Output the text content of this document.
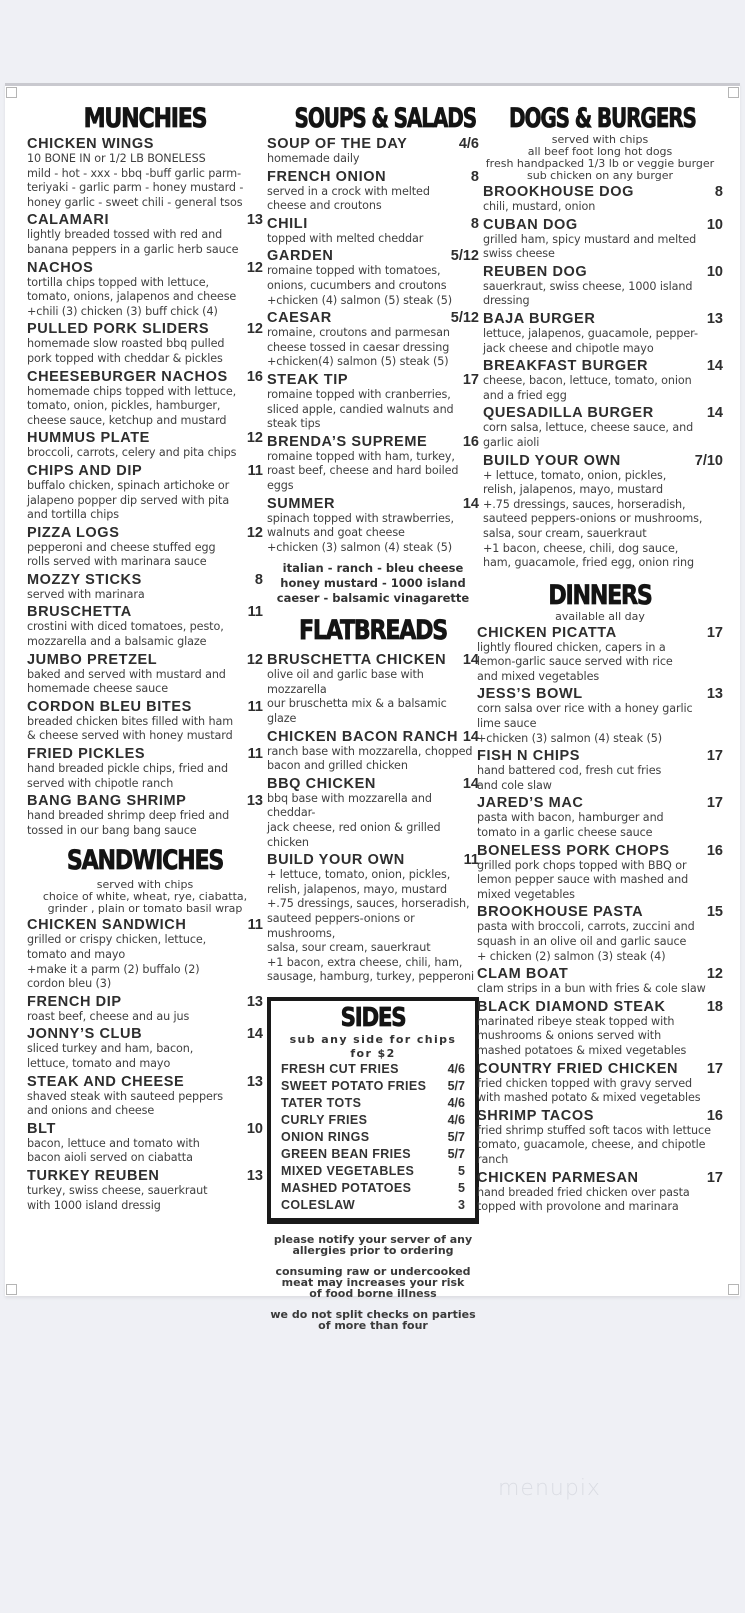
MUNCHIES
CHICKEN WINGS
10 BONE IN or 1/2 LB BONELESS
mild - hot - xxx - bbq -buff garlic parm-
teriyaki - garlic parm - honey mustard -
honey garlic - sweet chili - general tsos
CALAMARI	13
lightly breaded tossed with red and
banana peppers in a garlic herb sauce
NACHOS	12
tortilla chips topped with lettuce,
tomato, onions, jalapenos and cheese
+chili (3) chicken (3) buff chick (4)
PULLED PORK SLIDERS	12
homemade slow roasted bbq pulled
pork topped with cheddar & pickles
CHEESEBURGER NACHOS 16
homemade chips topped with lettuce,
tomato, onion, pickles, hamburger,
cheese sauce, ketchup and mustard
HUMMUS PLATE	12
broccoli, carrots, celery and pita chips
CHIPS AND DIP	11
buffalo chicken, spinach artichoke or
jalapeno popper dip served with pita
and tortilla chips
PIZZA LOGS	12
pepperoni and cheese stuffed egg
rolls served with marinara sauce
MOZZY STICKS	8
served with marinara
BRUSCHETTA	11
crostini with diced tomatoes, pesto,
mozzarella and a balsamic glaze
JUMBO PRETZEL	12
baked and served with mustard and
homemade cheese sauce
CORDON BLEU BITES	11
breaded chicken bites filled with ham
& cheese served with honey mustard
FRIED PICKLES	11
hand breaded pickle chips, fried and
served with chipotle ranch
BANG BANG SHRIMP	13
hand breaded shrimp deep fried and
tossed in our bang bang sauce
SANDWICHES
served with chips
choice of white, wheat, rye, ciabatta,
grinder , plain or tomato basil wrap
CHICKEN SANDWICH	11
grilled or crispy chicken, lettuce,
tomato and mayo
+make it a parm (2) buffalo (2)
cordon bleu (3)
FRENCH DIP	13
roast beef, cheese and au jus
JONNY’S CLUB	14
sliced turkey and ham, bacon,
lettuce, tomato and mayo
STEAK AND CHEESE	13
shaved steak with sauteed peppers
and onions and cheese
BLT	10
bacon, lettuce and tomato with
bacon aioli served on ciabatta
TURKEY REUBEN	13
turkey, swiss cheese, sauerkraut
with 1000 island dressig
SOUPS & SALADS
SOUP OF THE DAY	4/6
homemade daily
FRENCH ONION	8
served in a crock with melted
cheese and croutons
CHILI	8
topped with melted cheddar
GARDEN	5/12
romaine topped with tomatoes,
onions, cucumbers and croutons
+chicken (4) salmon (5) steak (5)
CAESAR	5/12
romaine, croutons and parmesan
cheese tossed in caesar dressing
+chicken(4) salmon (5) steak (5)
STEAK TIP	17
romaine topped with cranberries,
sliced apple, candied walnuts and
steak tips
BRENDA’S SUPREME 16
romaine topped with ham, turkey,
roast beef, cheese and hard boiled
eggs
SUMMER	14
spinach topped with strawberries,
walnuts and goat cheese
+chicken (3) salmon (4) steak (5)
italian - ranch - bleu cheese
honey mustard - 1000 island
caeser - balsamic vinagarette
FLATBREADS
BRUSCHETTA CHICKEN 14
olive oil and garlic base with mozzarella
our bruschetta mix & a balsamic glaze
CHICKEN BACON RANCH 14
ranch base with mozzarella, chopped
bacon and grilled chicken
BBQ CHICKEN	14
bbq base with mozzarella and cheddar-
jack cheese, red onion & grilled chicken
BUILD YOUR OWN	11
+ lettuce, tomato, onion, pickles,
relish, jalapenos, mayo, mustard
+.75 dressings, sauces, horseradish,
sauteed peppers-onions or mushrooms,
salsa, sour cream, sauerkraut
+1 bacon, extra cheese, chili, ham,
sausage, hamburg, turkey, pepperoni
SIDES
sub any side for chips
for $2
FRESH CUT FRIES	4/6
SWEET POTATO FRIES 5/7
TATER TOTS	4/6
CURLY FRIES	4/6
ONION RINGS	5/7
GREEN BEAN FRIES	5/7
MIXED VEGETABLES	5
MASHED POTATOES	5
COLESLAW	3
please notify your server of any
allergies prior to ordering
consuming raw or undercooked
meat may increases your risk
of food borne illness
we do not split checks on parties
of more than four
DOGS & BURGERS
served with chips
all beef foot long hot dogs
fresh handpacked 1/3 lb or veggie burger
sub chicken on any burger
BROOKHOUSE DOG	8
chili, mustard, onion
CUBAN DOG	10
grilled ham, spicy mustard and melted
swiss cheese
REUBEN DOG	10
sauerkraut, swiss cheese, 1000 island
dressing
BAJA BURGER	13
lettuce, jalapenos, guacamole, pepper-
jack cheese and chipotle mayo
BREAKFAST BURGER	14
cheese, bacon, lettuce, tomato, onion
and a fried egg
QUESADILLA BURGER	14
corn salsa, lettuce, cheese sauce, and
garlic aioli
BUILD YOUR OWN	7/10
+ lettuce, tomato, onion, pickles,
relish, jalapenos, mayo, mustard
+.75 dressings, sauces, horseradish,
sauteed peppers-onions or mushrooms,
salsa, sour cream, sauerkraut
+1 bacon, cheese, chili, dog sauce,
ham, guacamole, fried egg, onion ring
DINNERS
available all day
CHICKEN PICATTA	17
lightly floured chicken, capers in a
lemon-garlic sauce served with rice
and mixed vegetables
JESS’S BOWL	13
corn salsa over rice with a honey garlic
lime sauce
+chicken (3) salmon (4) steak (5)
FISH N CHIPS	17
hand battered cod, fresh cut fries
and cole slaw
JARED’S MAC	17
pasta with bacon, hamburger and
tomato in a garlic cheese sauce
BONELESS PORK CHOPS	16
grilled pork chops topped with BBQ or
lemon pepper sauce with mashed and
mixed vegetables
BROOKHOUSE PASTA	15
pasta with broccoli, carrots, zuccini and
squash in an olive oil and garlic sauce
+ chicken (2) salmon (3) steak (4)
CLAM BOAT	12
clam strips in a bun with fries & cole slaw
BLACK DIAMOND STEAK	18
marinated ribeye steak topped with
mushrooms & onions served with
mashed potatoes & mixed vegetables
COUNTRY FRIED CHICKEN 17
fried chicken topped with gravy served
with mashed potato & mixed vegetables
SHRIMP TACOS	16
fried shrimp stuffed soft tacos with lettuce
tomato, guacamole, cheese, and chipotle
ranch
CHICKEN PARMESAN	17
hand breaded fried chicken over pasta
topped with provolone and marinara
menupix
